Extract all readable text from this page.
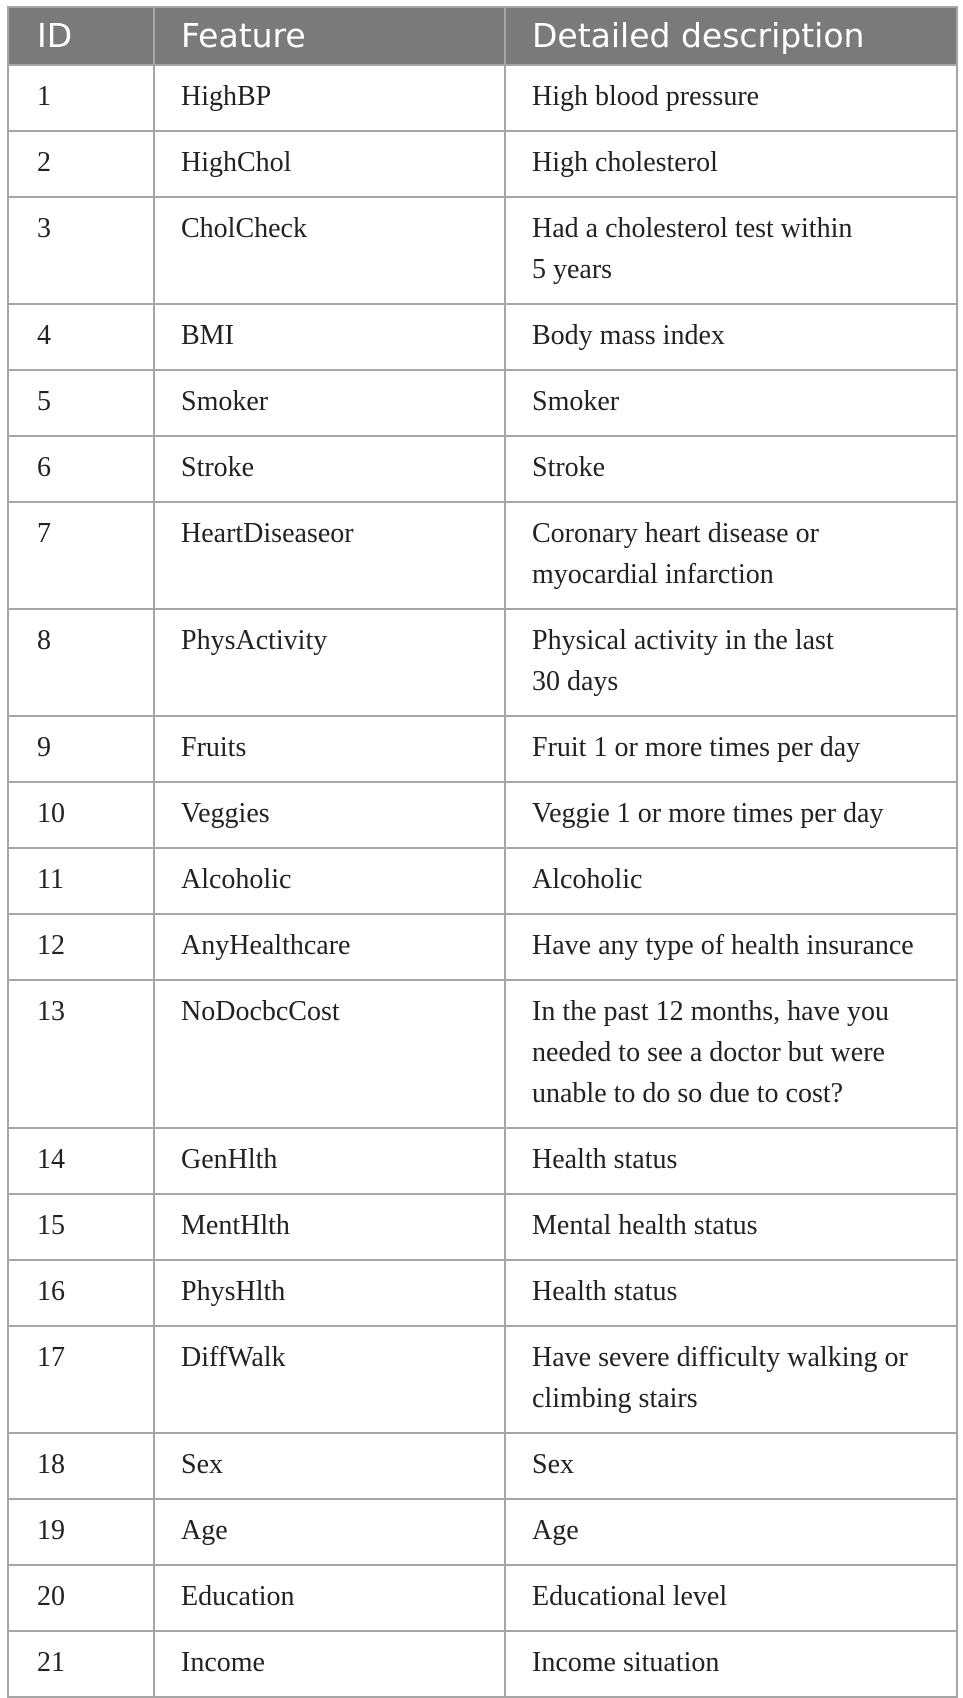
ID	Feature	Detailed description
1	HighBP	High blood pressure
2	HighChol	High cholesterol
3	CholCheck	Had a cholesterol test within
5 years
4	BMI	Body mass index
5	Smoker	Smoker
6	Stroke	Stroke
7	HeartDiseaseor	Coronary heart disease or
myocardial infarction
8	PhysActivity	Physical activity in the last
30 days
9	Fruits	Fruit 1 or more times per day
10	Veggies	Veggie 1 or more times per day
11	Alcoholic	Alcoholic
12	AnyHealthcare	Have any type of health insurance
13	NoDocbcCost	In the past 12 months, have you
needed to see a doctor but were
unable to do so due to cost?
14	GenHlth	Health status
15	MentHlth	Mental health status
16	PhysHlth	Health status
17	DiffWalk	Have severe difficulty walking or
climbing stairs
18	Sex	Sex
19	Age	Age
20	Education	Educational level
21	Income	Income situation
